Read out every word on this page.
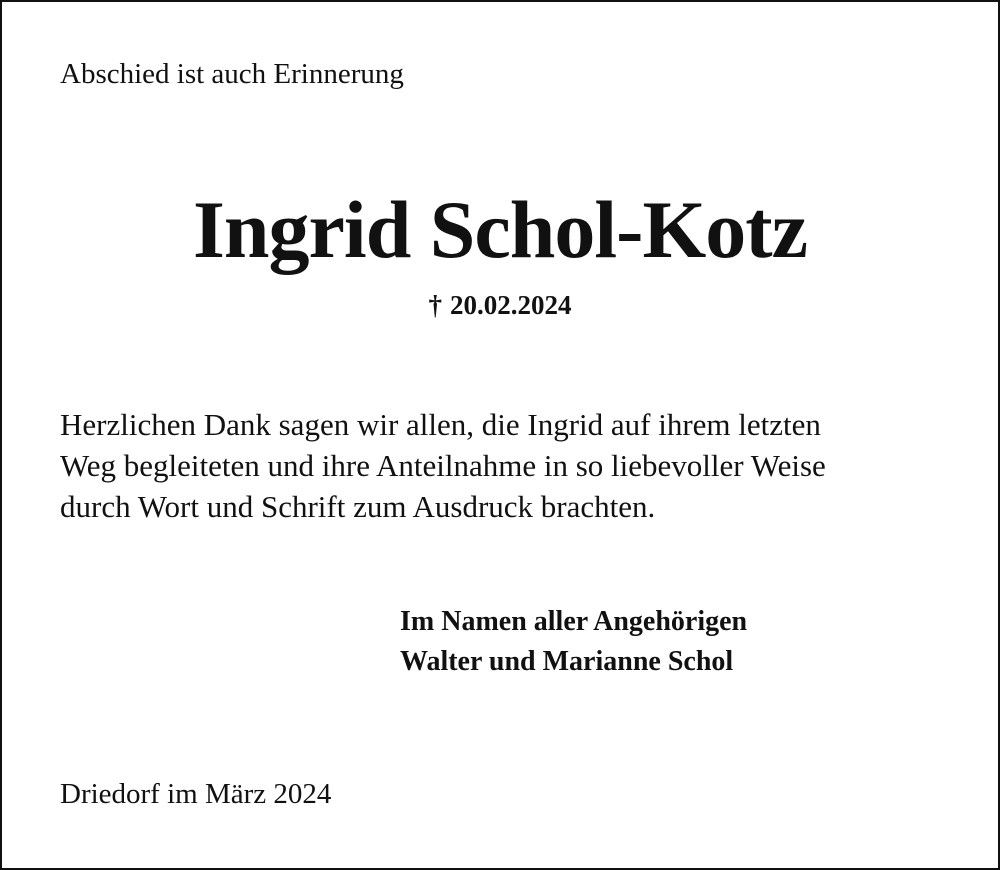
Abschied ist auch Erinnerung
Ingrid Schol-Kotz
† 20.02.2024
Herzlichen Dank sagen wir allen, die Ingrid auf ihrem letzten
Weg begleiteten und ihre Anteilnahme in so liebevoller Weise
durch Wort und Schrift zum Ausdruck brachten.
Im Namen aller Angehörigen
Walter und Marianne Schol
Driedorf im März 2024
